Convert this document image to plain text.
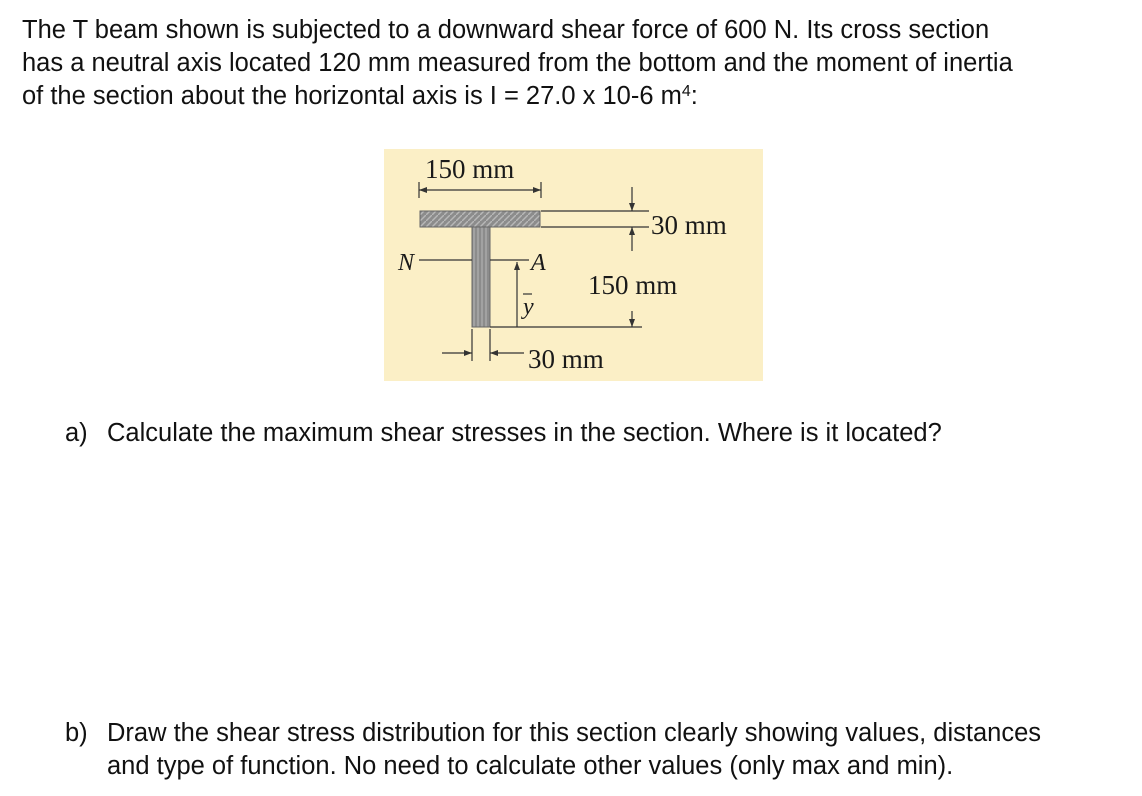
The T beam shown is subjected to a downward shear force of 600 N. Its cross section
has a neutral axis located 120 mm measured from the bottom and the moment of inertia
of the section about the horizontal axis is I = 27.0 x 10-6 $m^4$:
150 mm
N	A
y
30 mm
150 mm
30 mm

a) Calculate the maximum shear stresses in the section. Where is it located?

b) Draw the shear stress distribution for this section clearly showing values, distances
and type of function. No need to calculate other values (only max and min).
